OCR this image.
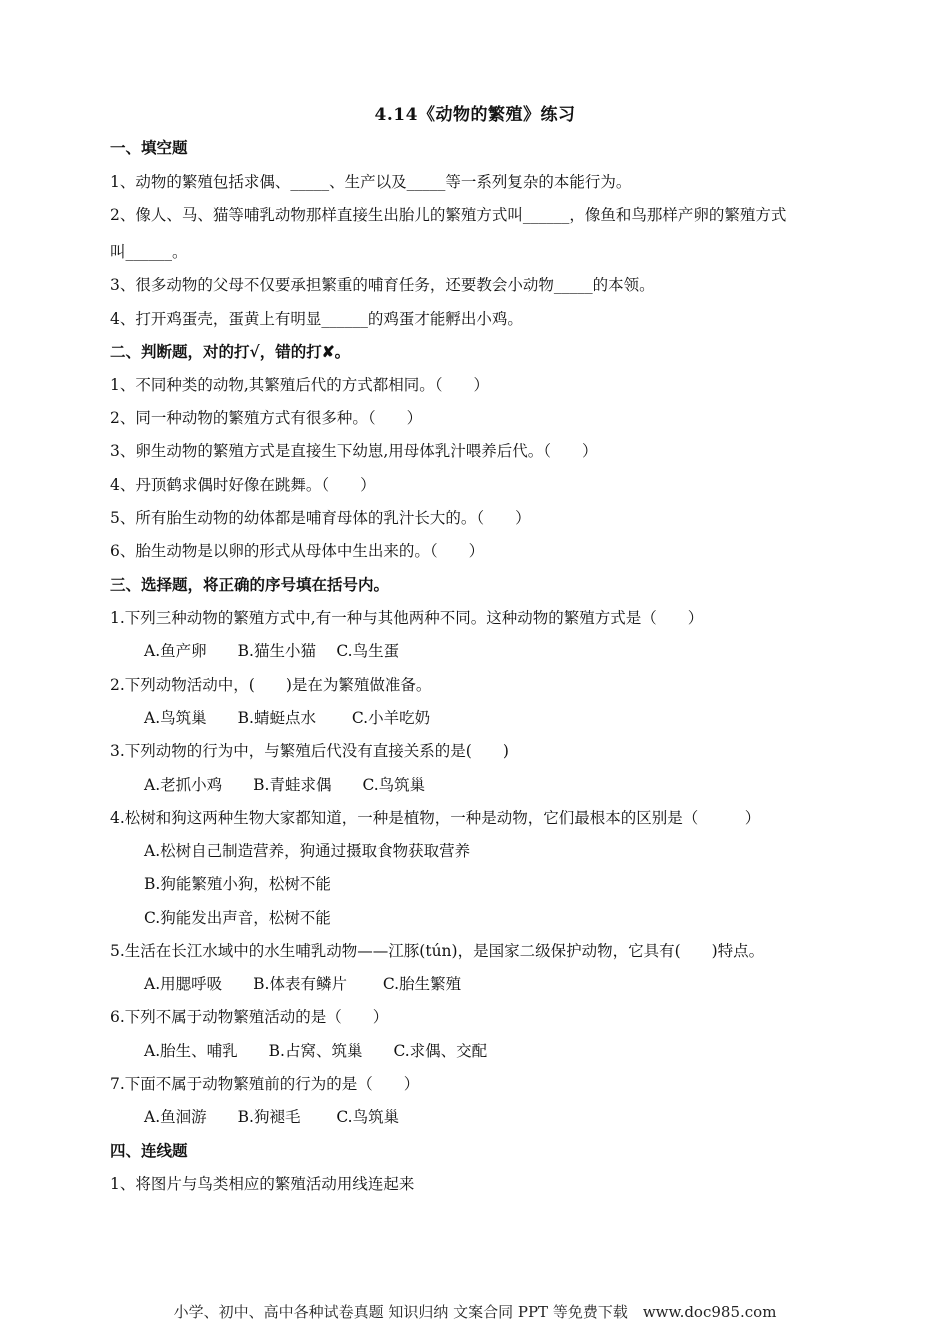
4.14《动物的繁殖》练习
一、填空题
1、动物的繁殖包括求偶、_____、生产以及_____等一系列复杂的本能行为。
2、像人、马、猫等哺乳动物那样直接生出胎儿的繁殖方式叫______，像鱼和鸟那样产卵的繁殖方式
叫______。
3、很多动物的父母不仅要承担繁重的哺育任务，还要教会小动物_____的本领。
4、打开鸡蛋壳，蛋黄上有明显______的鸡蛋才能孵出小鸡。
二、判断题，对的打√，错的打✘。
1、不同种类的动物,其繁殖后代的方式都相同。（　　）
2、同一种动物的繁殖方式有很多种。（　　）
3、卵生动物的繁殖方式是直接生下幼崽,用母体乳汁喂养后代。（　　）
4、丹顶鹤求偶时好像在跳舞。（　　）
5、所有胎生动物的幼体都是哺育母体的乳汁长大的。（　　）
6、胎生动物是以卵的形式从母体中生出来的。（　　）
三、选择题，将正确的序号填在括号内。
1.下列三种动物的繁殖方式中,有一种与其他两种不同。这种动物的繁殖方式是（　　）
A.鱼产卵　　B.猫生小猫　 C.鸟生蛋
2.下列动物活动中，(　　)是在为繁殖做准备。
A.鸟筑巢　　B.蜻蜓点水　　 C.小羊吃奶
3.下列动物的行为中，与繁殖后代没有直接关系的是(　　)
A.老抓小鸡　　B.青蛙求偶　　C.鸟筑巢
4.松树和狗这两种生物大家都知道，一种是植物，一种是动物，它们最根本的区别是（　　　）
A.松树自己制造营养，狗通过摄取食物获取营养
B.狗能繁殖小狗，松树不能
C.狗能发出声音，松树不能
5.生活在长江水域中的水生哺乳动物——江豚(tún)，是国家二级保护动物，它具有(　　)特点。
A.用腮呼吸　　B.体表有鳞片　　 C.胎生繁殖
6.下列不属于动物繁殖活动的是（　　）
A.胎生、哺乳　　B.占窝、筑巢　　C.求偶、交配
7.下面不属于动物繁殖前的行为的是（　　）
A.鱼洄游　　B.狗褪毛　　 C.鸟筑巢
四、连线题
1、将图片与鸟类相应的繁殖活动用线连起来
小学、初中、高中各种试卷真题 知识归纳 文案合同 PPT 等免费下载　www.doc985.com
